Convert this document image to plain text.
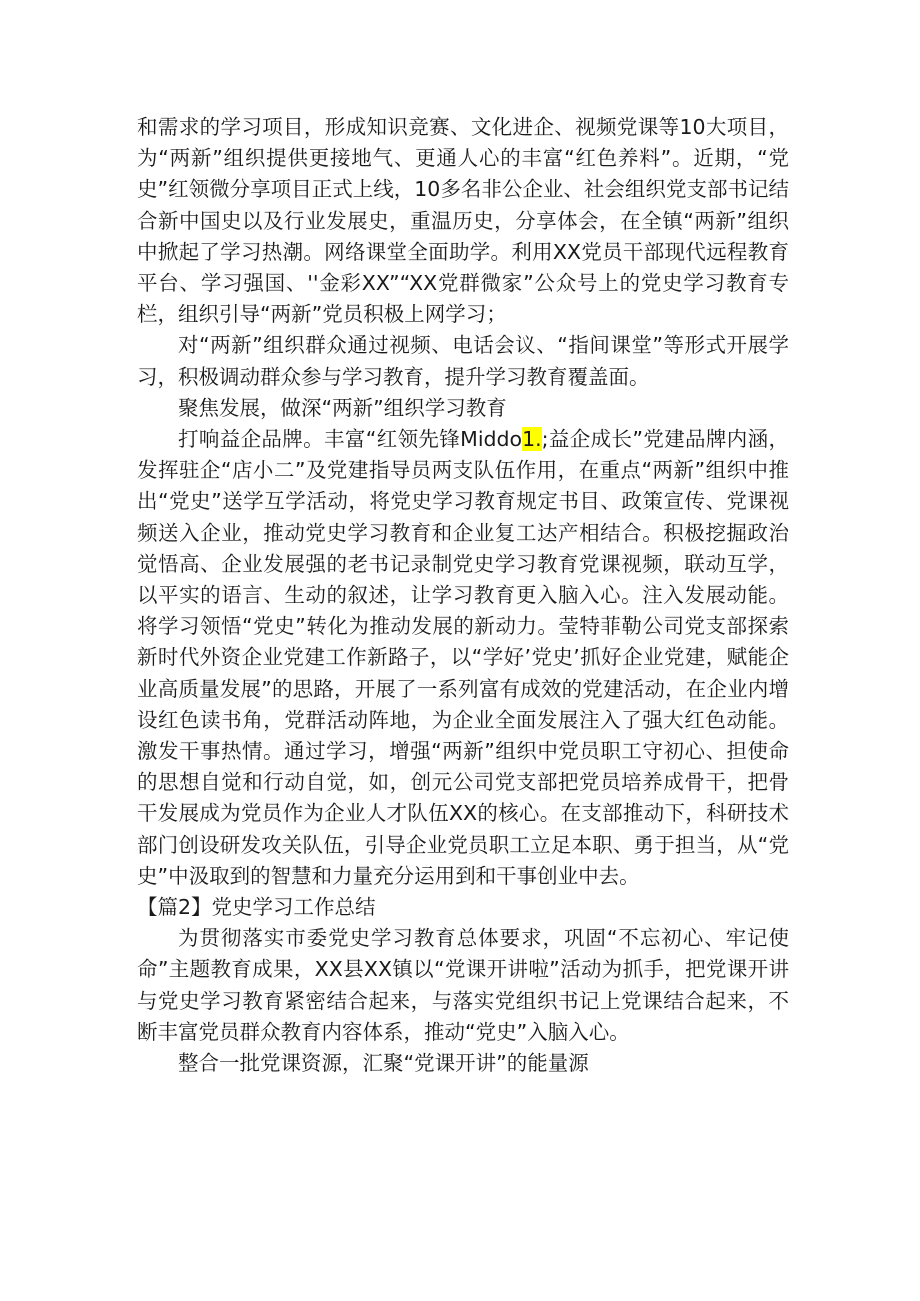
和需求的学习项目，形成知识竞赛、文化进企、视频党课等10大项目，为“两新”组织提供更接地气、更通人心的丰富“红色养料”。近期，“党史”红领微分享项目正式上线，10多名非公企业、社会组织党支部书记结合新中国史以及行业发展史，重温历史，分享体会，在全镇“两新”组织中掀起了学习热潮。网络课堂全面助学。利用XX党员干部现代远程教育平台、学习强国、''金彩XX”“XX党群微家”公众号上的党史学习教育专栏，组织引导“两新”党员积极上网学习；

对“两新”组织群众通过视频、电话会议、“指间课堂”等形式开展学习，积极调动群众参与学习教育，提升学习教育覆盖面。

聚焦发展，做深“两新”组织学习教育

打响益企品牌。丰富“红领先锋Middo1.;益企成长”党建品牌内涵，发挥驻企“店小二”及党建指导员两支队伍作用，在重点“两新”组织中推出“党史”送学互学活动，将党史学习教育规定书目、政策宣传、党课视频送入企业，推动党史学习教育和企业复工达产相结合。积极挖掘政治觉悟高、企业发展强的老书记录制党史学习教育党课视频，联动互学，以平实的语言、生动的叙述，让学习教育更入脑入心。注入发展动能。将学习领悟“党史”转化为推动发展的新动力。莹特菲勒公司党支部探索新时代外资企业党建工作新路子，以“学好’党史’抓好企业党建，赋能企业高质量发展”的思路，开展了一系列富有成效的党建活动，在企业内增设红色读书角，党群活动阵地，为企业全面发展注入了强大红色动能。激发干事热情。通过学习，增强“两新”组织中党员职工守初心、担使命的思想自觉和行动自觉，如，创元公司党支部把党员培养成骨干，把骨干发展成为党员作为企业人才队伍XX的核心。在支部推动下，科研技术部门创设研发攻关队伍，引导企业党员职工立足本职、勇于担当，从“党史”中汲取到的智慧和力量充分运用到和干事创业中去。

【篇2】党史学习工作总结

为贯彻落实市委党史学习教育总体要求，巩固“不忘初心、牢记使命”主题教育成果，XX县XX镇以“党课开讲啦”活动为抓手，把党课开讲与党史学习教育紧密结合起来，与落实党组织书记上党课结合起来，不断丰富党员群众教育内容体系，推动“党史”入脑入心。

整合一批党课资源，汇聚“党课开讲”的能量源
